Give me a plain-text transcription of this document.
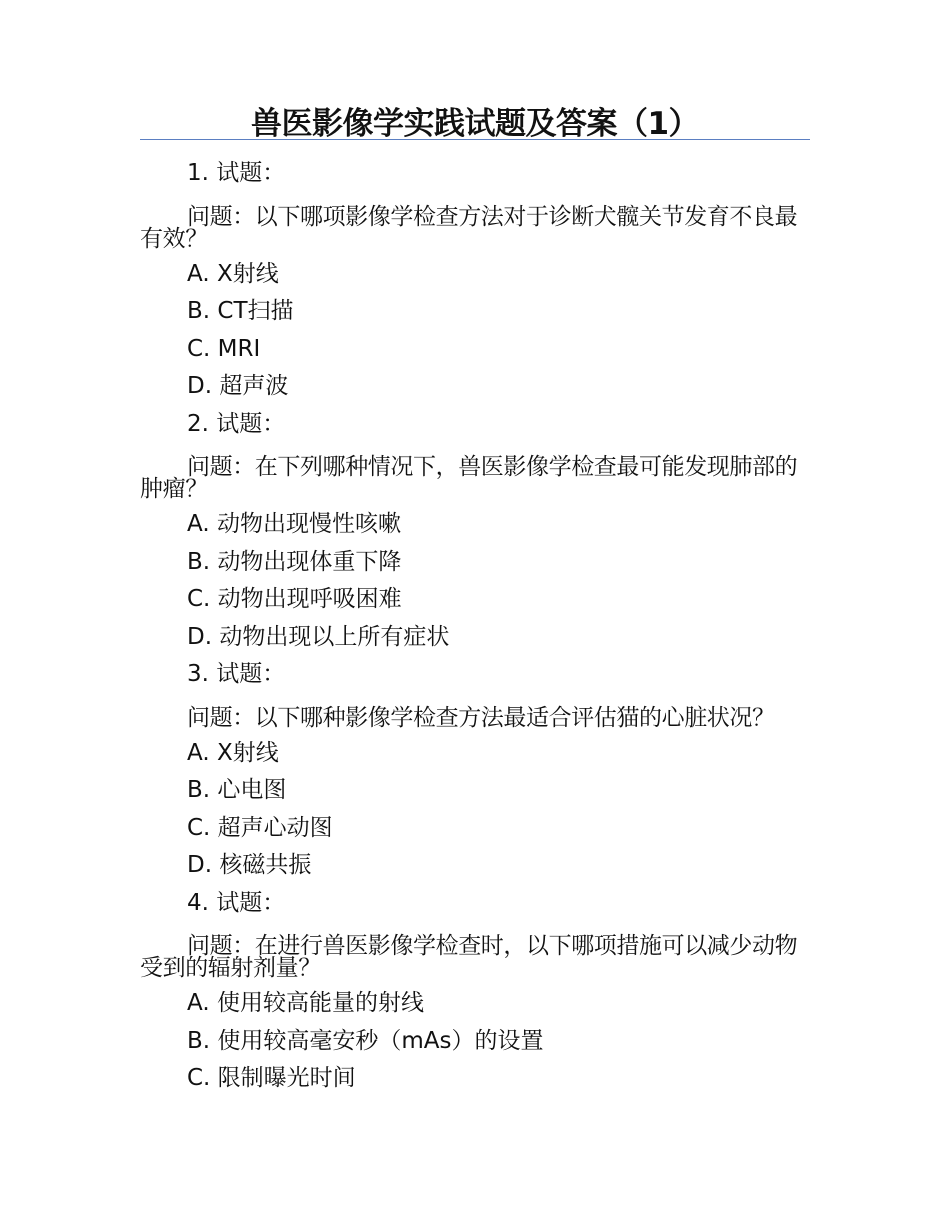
兽医影像学实践试题及答案（1）
1. 试题：
问题：以下哪项影像学检查方法对于诊断犬髋关节发育不良最有效？
A. X射线
B. CT扫描
C. MRI
D. 超声波
2. 试题：
问题：在下列哪种情况下，兽医影像学检查最可能发现肺部的肿瘤？
A. 动物出现慢性咳嗽
B. 动物出现体重下降
C. 动物出现呼吸困难
D. 动物出现以上所有症状
3. 试题：
问题：以下哪种影像学检查方法最适合评估猫的心脏状况？
A. X射线
B. 心电图
C. 超声心动图
D. 核磁共振
4. 试题：
问题：在进行兽医影像学检查时，以下哪项措施可以减少动物受到的辐射剂量？
A. 使用较高能量的射线
B. 使用较高毫安秒（mAs）的设置
C. 限制曝光时间
